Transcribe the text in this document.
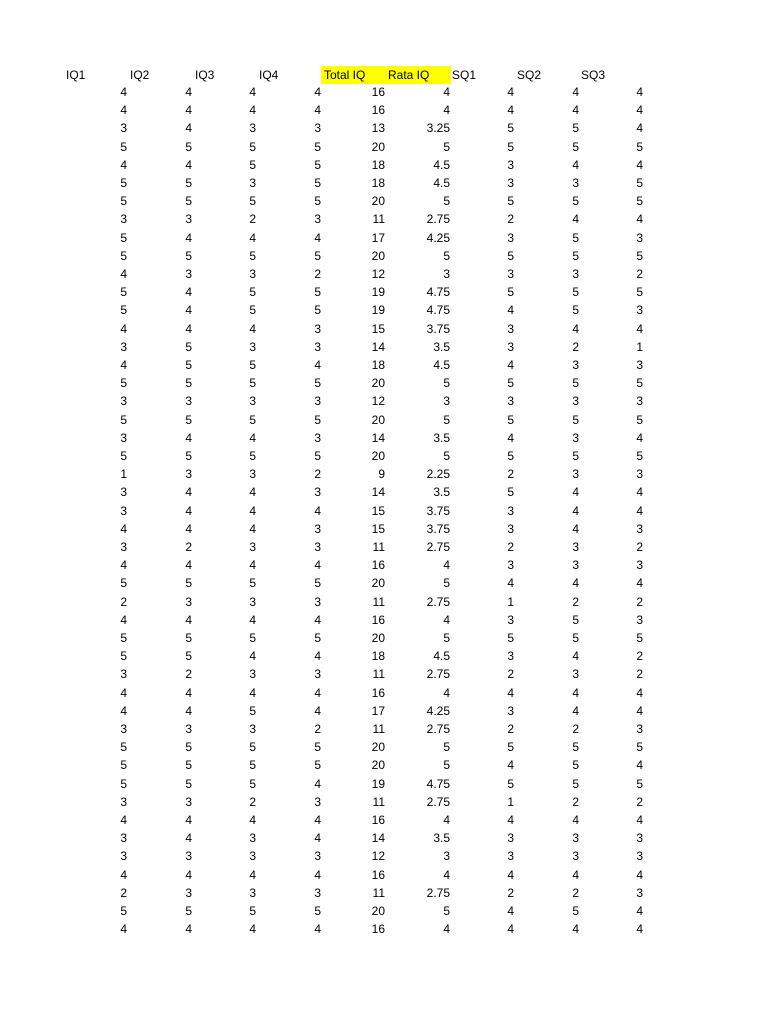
IQ1	IQ2	IQ3	IQ4	Total IQ	Rata IQ	SQ1	SQ2	SQ3
4	4	4	4	16	4	4	4	4
4	4	4	4	16	4	4	4	4
3	4	3	3	13	3.25	5	5	4
5	5	5	5	20	5	5	5	5
4	4	5	5	18	4.5	3	4	4
5	5	3	5	18	4.5	3	3	5
5	5	5	5	20	5	5	5	5
3	3	2	3	11	2.75	2	4	4
5	4	4	4	17	4.25	3	5	3
5	5	5	5	20	5	5	5	5
4	3	3	2	12	3	3	3	2
5	4	5	5	19	4.75	5	5	5
5	4	5	5	19	4.75	4	5	3
4	4	4	3	15	3.75	3	4	4
3	5	3	3	14	3.5	3	2	1
4	5	5	4	18	4.5	4	3	3
5	5	5	5	20	5	5	5	5
3	3	3	3	12	3	3	3	3
5	5	5	5	20	5	5	5	5
3	4	4	3	14	3.5	4	3	4
5	5	5	5	20	5	5	5	5
1	3	3	2	9	2.25	2	3	3
3	4	4	3	14	3.5	5	4	4
3	4	4	4	15	3.75	3	4	4
4	4	4	3	15	3.75	3	4	3
3	2	3	3	11	2.75	2	3	2
4	4	4	4	16	4	3	3	3
5	5	5	5	20	5	4	4	4
2	3	3	3	11	2.75	1	2	2
4	4	4	4	16	4	3	5	3
5	5	5	5	20	5	5	5	5
5	5	4	4	18	4.5	3	4	2
3	2	3	3	11	2.75	2	3	2
4	4	4	4	16	4	4	4	4
4	4	5	4	17	4.25	3	4	4
3	3	3	2	11	2.75	2	2	3
5	5	5	5	20	5	5	5	5
5	5	5	5	20	5	4	5	4
5	5	5	4	19	4.75	5	5	5
3	3	2	3	11	2.75	1	2	2
4	4	4	4	16	4	4	4	4
3	4	3	4	14	3.5	3	3	3
3	3	3	3	12	3	3	3	3
4	4	4	4	16	4	4	4	4
2	3	3	3	11	2.75	2	2	3
5	5	5	5	20	5	4	5	4
4	4	4	4	16	4	4	4	4
